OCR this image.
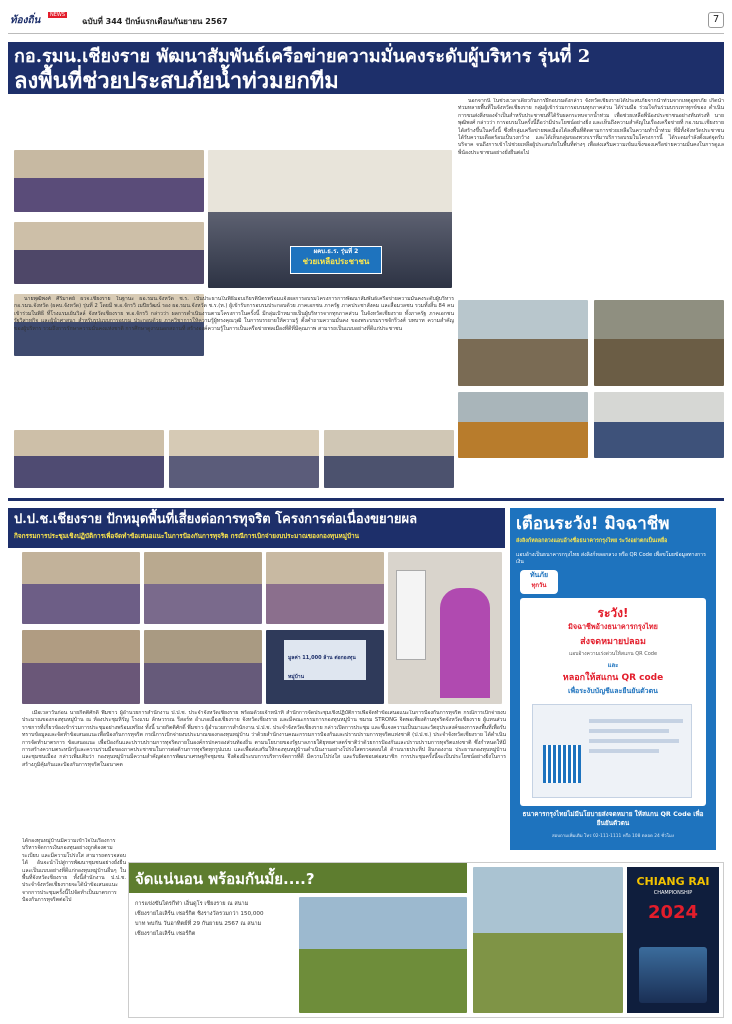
ท้องถิ่น	NEWS
ฉบับที่ 344 ปักษ์แรกเดือนกันยายน 2567	7
กอ.รมน.เชียงราย พัฒนาสัมพันธ์เครือข่ายความมั่นคงระดับผู้บริหาร รุ่นที่ 2
ลงพื้นที่ช่วยประสบภัยน้ำท่วมยกทีม
ผคบ.ธ.ร. รุ่นที่ 2
ช่วยเหลือประชาชน
นอกจากนี้ ในช่วงเวลาเดียวกันการฝึกอบรมดังกล่าว จังหวัดเชียงรายได้ประสบภัยจากน้ำท่วมจากเหตุอุทกภัย เกิดน้ำท่วมหลายพื้นที่ในจังหวัดเชียงราย กลุ่มผู้เข้าร่วมการอบรมทุกภาคส่วน ได้ร่วมมือ ร่วมใจกันร่วมบรรเทาทุกข์ของ ดำเนินการขนส่งสิ่งของจำเป็นสำหรับประชาชนที่ได้รับผลกระทบจากน้ำท่วม เพื่อช่วยเหลือพี่น้องประชาชนอย่างทันท่วงที นายพุฒิพงศ์ กล่าวว่า การอบรมในครั้งนี้ถือว่ามีประโยชน์อย่างยิ่ง และเห็นถึงความสำคัญในเรื่องเครือข่ายที่ กอ.รมน.เชียงราย ได้สร้างขึ้นในครั้งนี้ ซึ่งที่กลุ่มเครือข่ายพลเมืองได้ลงพื้นที่ติดตามการช่วยเหลือในความทำน้ำท่วม ที่มีทั้งจังหวัดประชาชนได้รับความเดือดร้อนเป็นวงกว้าง และได้เห็นกลุ่มของพวกเราที่มาบริการอบรมในโครงการนี้ ได้ระดมกำลังตั้งแต่จุดรับบริจาค จนถึงการเข้าไปช่วยเหลือผู้ประสบภัยในพื้นที่ต่างๆ เพื่อส่งเสริมความเข้มแข็งของเครือข่ายความมั่นคงในการดูแลพี่น้องประชาชนอย่างยั่งยืนต่อไป
นายพุฒิพงศ์ ศิริมาตย์ ผวจ.เชียงราย ในฐานะ ผอ.รมน.จังหวัด ช.ร. เป็นประธานในพิธีมอบเกียรติบัตรพร้อมแจ้งผลการอบรมโครงการการพัฒนาสัมพันธ์เครือข่ายความมั่นคงระดับผู้บริหาร กอ.รมน.จังหวัด (ผคบ.จังหวัด) รุ่นที่ 2 โดยมี พ.อ.จักรวิ เมปิยวัฒน์ รอง ผอ.รมน.จังหวัด ช.ร.(ท.) ผู้เข้ารับการอบรมประกอบด้วย ภาคเอกชน ภาครัฐ ภาคประชาสังคม และสื่อมวลชน รวมทั้งสิ้น 84 คน เข้าร่วมในพิธี ที่โรงแรมเย้นวิลล์ จังหวัดเชียงราย พ.อ.จักรวิ กล่าวว่า ผลการดำเนินงานตามโครงการในครั้งนี้ มีกลุ่มเป้าหมายเป็นผู้บริหารจากทุกภาคส่วน ในจังหวัดเชียงราย ทั้งภาครัฐ ภาคเอกชน รัฐวิสาหกิจ และผู้นำศาสนา สำหรับรูปแบบการอบรม ประกอบด้วย ภาควิชาการให้ความรู้ผู้ทรงคุณวุฒิ ในการบรรยายให้ความรู้ ตั้งคำถามความมั่นคง ของพระบรมราชจักรีวงศ์ บทบาท ความสำคัญของผู้บริหาร รวมถึงการรักษาความมั่นคงแห่งชาติ การศึกษาดูงานนอกสถานที่ สร้างองค์ความรู้ในการเป็นเครือข่ายพลเมืองที่ดีที่มีคุณภาพ สามารถเป็นแบบอย่างที่ดีแก่ประชาชน
ป.ป.ช.เชียงราย ปักหมุดพื้นที่เสี่ยงต่อการทุจริต โครงการต่อเนื่องขยายผล
กิจกรรมการประชุมเชิงปฏิบัติการเพื่อจัดทำข้อเสนอแนะในการป้องกันการทุจริต กรณีการเบิกจ่ายงบประมาณของกองทุนหมู่บ้าน
มูลค่า 11,000 ล้าน ต่อกองทุนหมู่บ้าน
เมื่อเวลาวันก่อน นายกิตติศักดิ์ พึ่มชาว ผู้อำนวยการสำนักงาน ป.ป.ช. ประจำจังหวัดเชียงราย พร้อมด้วยเจ้าหน้าที่ สำนักการจัดประชุมเชิงปฏิบัติการเพื่อจัดทำข้อเสนอแนะในการป้องกันการทุจริต กรณีการเบิกจ่ายงบประมาณของกองทุนหมู่บ้าน ณ ห้องประชุมหิรัญ โรงแรม ลักษวรรณ รีสอร์ท อำเภอเมืองเชียงราย จังหวัดเชียงราย และมีคณะกรรมการกองทุนหมู่บ้าน ชมรม STRONG จิตพอเพียงต้านทุจริตจังหวัดเชียงราย ผู้แทนส่วนราชการที่เกี่ยวข้องเข้าร่วมการประชุมอย่างพร้อมเพรียง ทั้งนี้ นายกิตติศักดิ์ พึ่มชาว ผู้อำนวยการสำนักงาน ป.ป.ช. ประจำจังหวัดเชียงราย กล่าวเปิดการประชุม และชี้แจงความเป็นมาและวัตถุประสงค์ของการลงพื้นที่เพื่อรับทราบข้อมูลและจัดทำข้อเสนอแนะเพื่อป้องกันการทุจริต กรณีการเบิกจ่ายงบประมาณของกองทุนหมู่บ้าน ว่าด้วยสำนักงานคณะกรรมการป้องกันและปราบปรามการทุจริตแห่งชาติ (ป.ป.ช.) ประจำจังหวัดเชียงราย ได้ดำเนินการจัดทำมาตรการ ข้อเสนอแนะ เพื่อป้องกันและปราบปรามการทุจริตภายในองค์กรปกครองส่วนท้องถิ่น ตามนโยบายของรัฐบาลภายใต้ยุทธศาสตร์ชาติว่าด้วยการป้องกันและปราบปรามการทุจริตแห่งชาติ ซึ่งกำหนดให้มีการสร้างความตระหนักรู้และความร่วมมือของภาคประชาชนในการต่อต้านการทุจริตทุกรูปแบบ และเพื่อส่งเสริมให้กองทุนหมู่บ้านดำเนินงานอย่างโปร่งใสตรวจสอบได้ ด้านนายประทีป อินกองงาม ประธานกองทุนหมู่บ้านและชุมชนเมือง กล่าวเพิ่มเติมว่า กองทุนหมู่บ้านมีความสำคัญต่อการพัฒนาเศรษฐกิจชุมชน จึงต้องมีระบบการบริหารจัดการที่ดี มีความโปร่งใส และรับผิดชอบต่อสมาชิก การประชุมครั้งนี้จะเป็นประโยชน์อย่างยิ่งในการสร้างภูมิคุ้มกันและป้องกันการทุจริตในอนาคต
ได้กองทุนหมู่บ้านมีความเข้าใจในเรื่องการบริหารจัดการเงินกองทุนอย่างถูกต้องตามระเบียบ และมีความโปร่งใส สามารถตรวจสอบได้ อันจะนำไปสู่การพัฒนาชุมชนอย่างยั่งยืน และเป็นแบบอย่างที่ดีแก่กองทุนหมู่บ้านอื่นๆ ในพื้นที่จังหวัดเชียงราย ทั้งนี้สำนักงาน ป.ป.ช. ประจำจังหวัดเชียงรายจะได้นำข้อเสนอแนะจากการประชุมครั้งนี้ไปจัดทำเป็นมาตรการป้องกันการทุจริตต่อไป
เตือนระวัง! มิจฉาชีพ
ส่งลิงก์หลอกลวงแอบอ้างชื่อธนาคารกรุงไทย ระวังอย่าตกเป็นเหยื่อ
แอบอ้างเป็นธนาคารกรุงไทย ส่งลิงก์หลอกลวง หรือ QR Code เพื่อขโมยข้อมูลทางการเงิน
ทันภัย
ทุกวัน
ระวัง!
มิจฉาชีพอ้างธนาคารกรุงไทย
ส่งจดหมายปลอม
แอบอ้างความเร่งด่วนให้สแกน QR Code
และ
หลอกให้สแกน QR code
เพื่อระงับบัญชีและยืนยันตัวตน
ธนาคารกรุงไทยไม่มีนโยบายส่งจดหมาย ให้สแกน QR Code เพื่อยืนยันตัวตน
สอบถามเพิ่มเติม โทร 02-111-1111 หรือ 108 ตลอด 24 ชั่วโมง
จัดแน่นอน พร้อมกันมั้ย....?
การแข่งขันไตรกีฬา เอ็นดูโร เชียงราย ณ สนาม
เชียงรายไอเลิร์น เชอร์กิต ชิงรางวัลรวมกว่า 150,000
บาท พบกัน วันอาทิตย์ที่ 29 กันยายน 2567 ณ สนาม
เชียงรายไอเลิร์น เชอร์กิต
CHIANG RAI
CHAMPIONSHIP
2024
